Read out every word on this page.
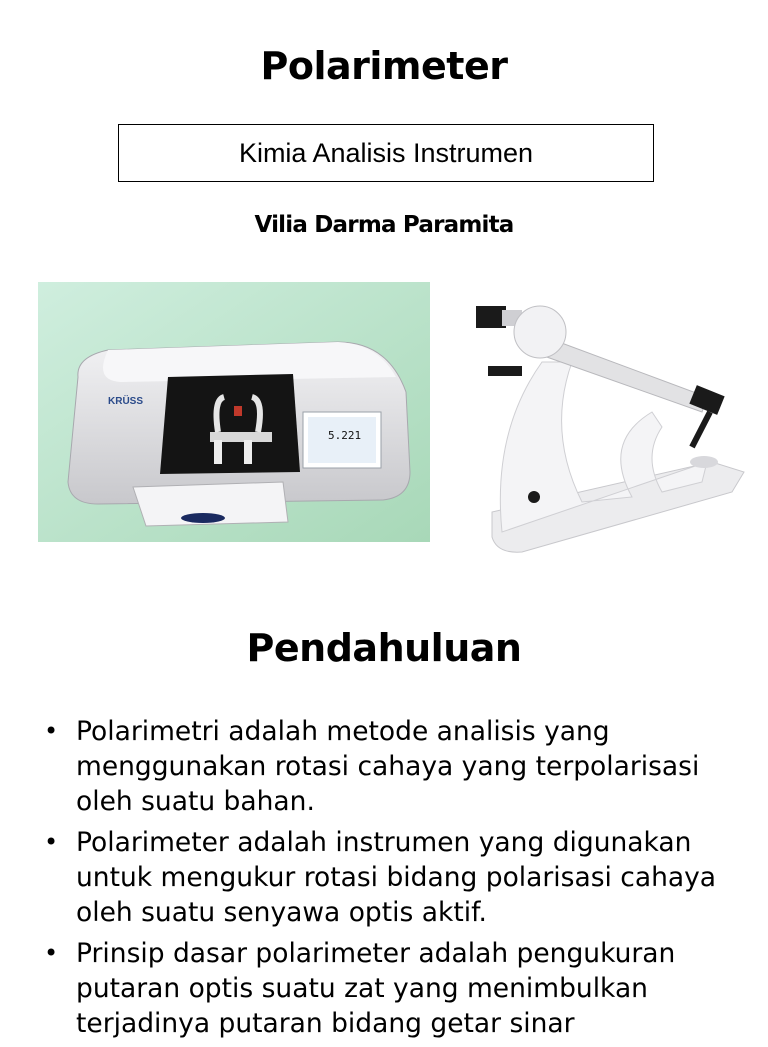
Polarimeter
Kimia Analisis Instrumen
Vilia Darma Paramita
KRÜSS
5.221
Pendahuluan
• Polarimetri adalah metode analisis yang menggunakan rotasi cahaya yang terpolarisasi oleh suatu bahan.
• Polarimeter adalah instrumen yang digunakan untuk mengukur rotasi bidang polarisasi cahaya oleh suatu senyawa optis aktif.
• Prinsip dasar polarimeter adalah pengukuran putaran optis suatu zat yang menimbulkan terjadinya putaran bidang getar sinar
